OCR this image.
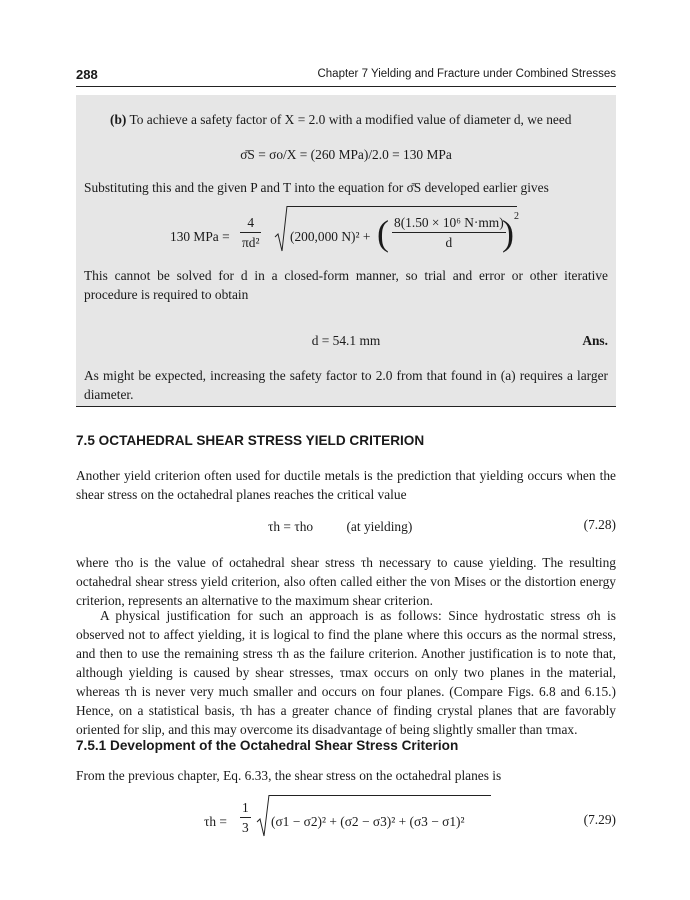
288	Chapter 7 Yielding and Fracture under Combined Stresses
(b) To achieve a safety factor of X = 2.0 with a modified value of diameter d, we need
σ̄S = σo/X = (260 MPa)/2.0 = 130 MPa
Substituting this and the given P and T into the equation for σ̄S developed earlier gives
130 MPa = $\frac{4}{\text{πd²}} (200,000$ N)² + ( $\frac{\text{8(1.50 × 10⁶ N·mm)}}{d}$
) 2
This cannot be solved for d in a closed-form manner, so trial and error or other iterative procedure is required to obtain
d = 54.1 mm	Ans.
As might be expected, increasing the safety factor to 2.0 from that found in (a) requires a larger diameter.
7.5 OCTAHEDRAL SHEAR STRESS YIELD CRITERION
Another yield criterion often used for ductile metals is the prediction that yielding occurs when the shear stress on the octahedral planes reaches the critical value
τh = τho (at yielding)	(7.28)
where τho is the value of octahedral shear stress τh necessary to cause yielding. The resulting octahedral shear stress yield criterion, also often called either the von Mises or the distortion energy criterion, represents an alternative to the maximum shear criterion.
A physical justification for such an approach is as follows: Since hydrostatic stress σh is observed not to affect yielding, it is logical to find the plane where this occurs as the normal stress, and then to use the remaining stress τh as the failure criterion. Another justification is to note that, although yielding is caused by shear stresses, τmax occurs on only two planes in the material, whereas τh is never very much smaller and occurs on four planes. (Compare Figs. 6.8 and 6.15.) Hence, on a statistical basis, τh has a greater chance of finding crystal planes that are favorably oriented for slip, and this may overcome its disadvantage of being slightly smaller than τmax.
7.5.1 Development of the Octahedral Shear Stress Criterion
From the previous chapter, Eq. 6.33, the shear stress on the octahedral planes is
$\tau h = \frac{1}{3} (\sigma 1 - \sigma 2)^2 + (\sigma 2 - \sigma 3)^2 + (\sigma 3 - \sigma 1)^2$	(7.29)
